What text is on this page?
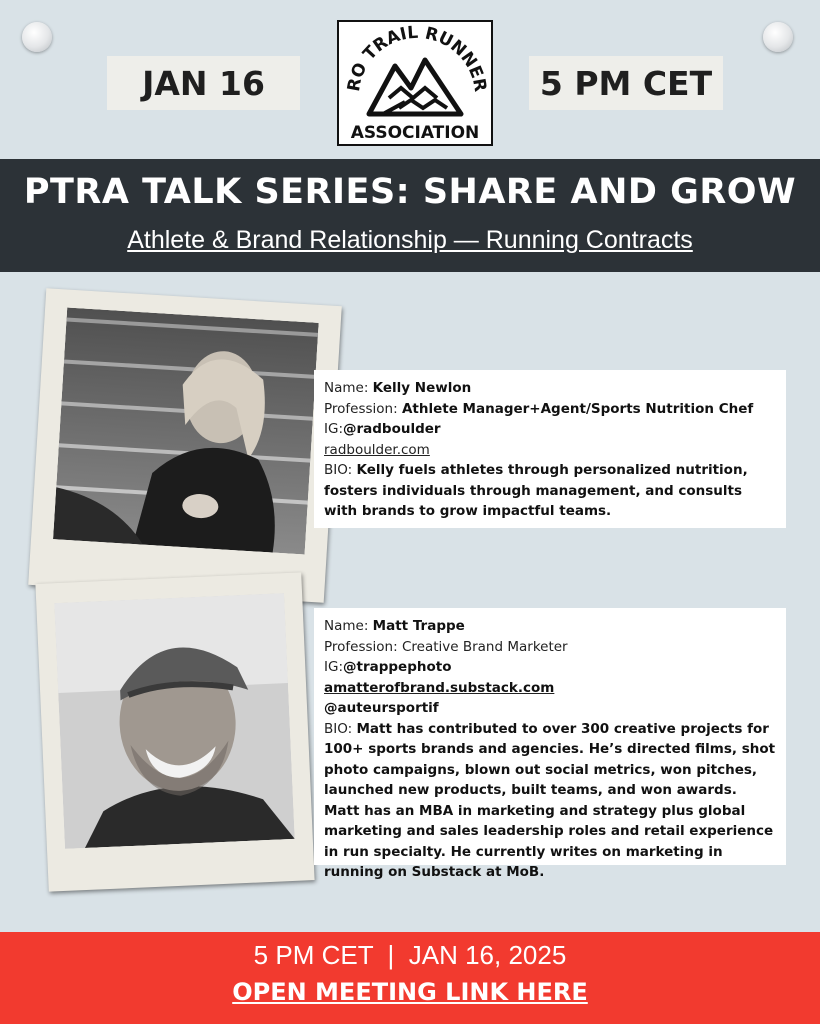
JAN 16	5 PM CET
RO TRAIL RUNNER
ASSOCIATION
PTRA TALK SERIES: SHARE AND GROW
Athlete & Brand Relationship — Running Contracts
Name: Kelly Newlon
Profession: Athlete Manager+Agent/Sports Nutrition Chef
IG:@radboulder
radboulder.com
BIO: Kelly fuels athletes through personalized nutrition, fosters individuals through management, and consults with brands to grow impactful teams.
Name: Matt Trappe
Profession: Creative Brand Marketer
IG:@trappephoto
amatterofbrand.substack.com
@auteursportif
BIO: Matt has contributed to over 300 creative projects for 100+ sports brands and agencies. He’s directed films, shot photo campaigns, blown out social metrics, won pitches, launched new products, built teams, and won awards. Matt has an MBA in marketing and strategy plus global marketing and sales leadership roles and retail experience in run specialty. He currently writes on marketing in running on Substack at MoB.
5 PM CET  |  JAN 16, 2025
OPEN MEETING LINK HERE
